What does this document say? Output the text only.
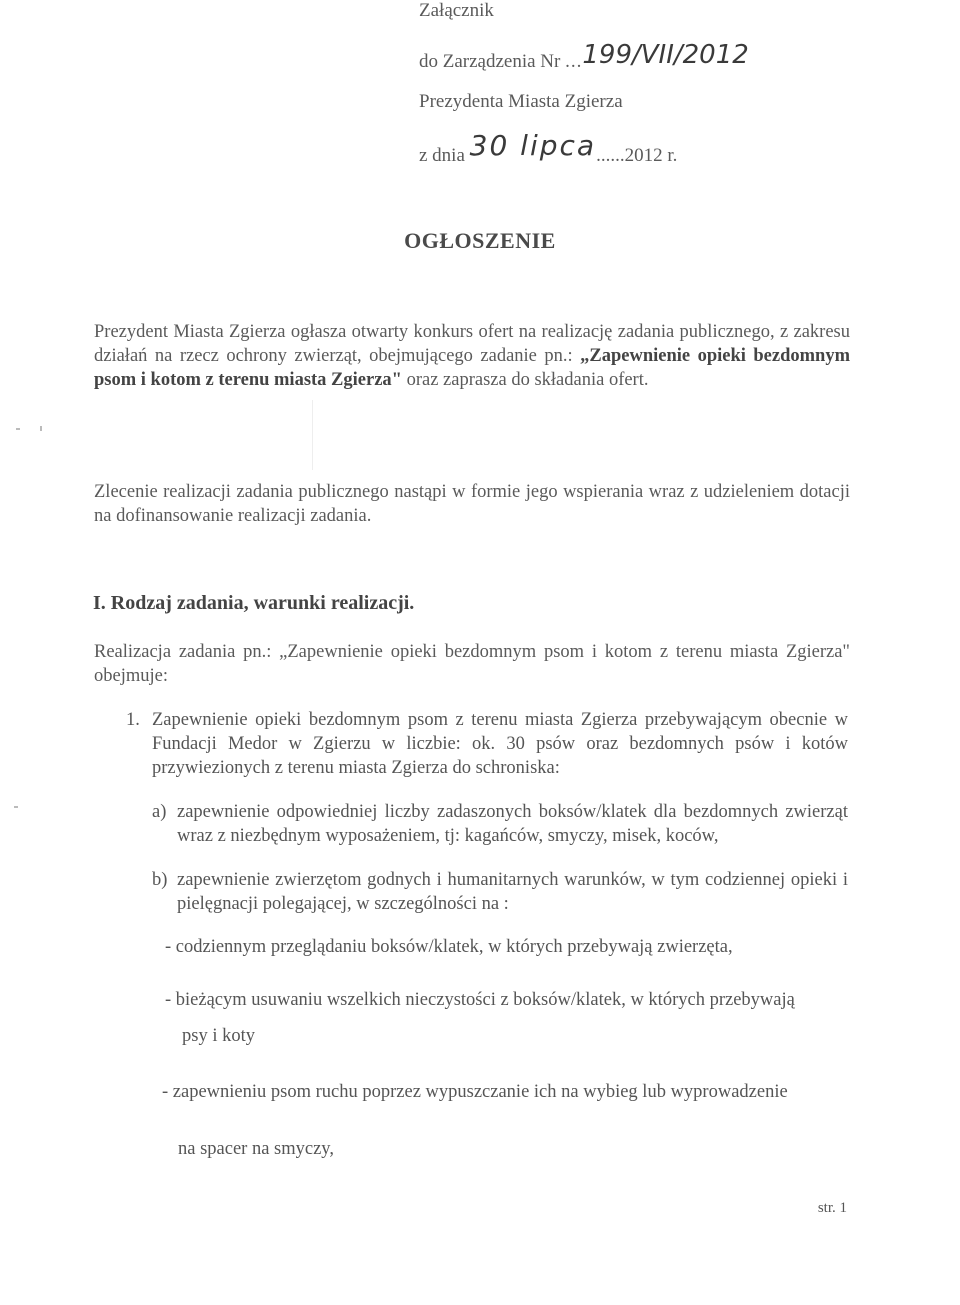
Załącznik
do Zarządzenia Nr ...199/VII/2012
Prezydenta Miasta Zgierza
z dnia 30 lipca......2012 r.
OGŁOSZENIE
Prezydent Miasta Zgierza ogłasza otwarty konkurs ofert na realizację zadania publicznego, z zakresu działań na rzecz ochrony zwierząt, obejmującego zadanie pn.: „Zapewnienie opieki bezdomnym psom i kotom z terenu miasta Zgierza" oraz zaprasza do składania ofert.
Zlecenie realizacji zadania publicznego nastąpi w formie jego wspierania wraz z udzieleniem dotacji na dofinansowanie realizacji zadania.
I. Rodzaj zadania, warunki realizacji.
Realizacja zadania pn.: „Zapewnienie opieki bezdomnym psom i kotom z terenu miasta Zgierza" obejmuje:
1. Zapewnienie opieki bezdomnym psom z terenu miasta Zgierza przebywającym obecnie w Fundacji Medor w Zgierzu w liczbie: ok. 30 psów oraz bezdomnych psów i kotów przywiezionych z terenu miasta Zgierza do schroniska:
a) zapewnienie odpowiedniej liczby zadaszonych boksów/klatek dla bezdomnych zwierząt wraz z niezbędnym wyposażeniem, tj: kagańców, smyczy, misek, koców,
b) zapewnienie zwierzętom godnych i humanitarnych warunków, w tym codziennej opieki i pielęgnacji polegającej, w szczególności na :
- codziennym przeglądaniu boksów/klatek, w których przebywają zwierzęta,
- bieżącym usuwaniu wszelkich nieczystości z boksów/klatek, w których przebywają
psy i koty
- zapewnieniu psom ruchu poprzez wypuszczanie ich na wybieg lub wyprowadzenie
na spacer na smyczy,
str. 1
